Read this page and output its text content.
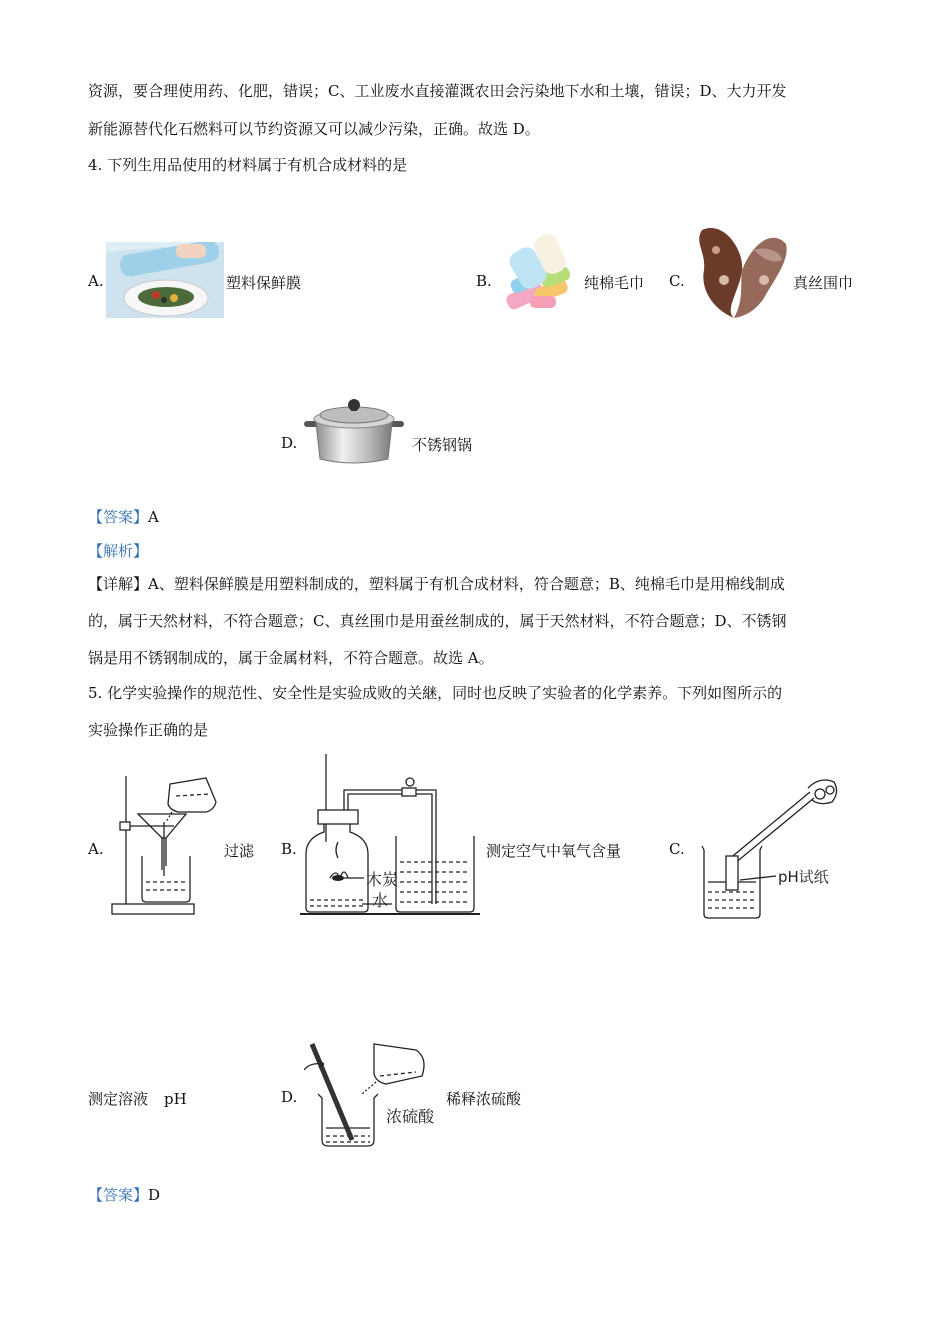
资源，要合理使用药、化肥，错误；C、工业废水直接灌溉农田会污染地下水和土壤，错误；D、大力开发
新能源替代化石燃料可以节约资源又可以减少污染，正确。故选 D。
4. 下列生用品使用的材料属于有机合成材料的是
A.	塑料保鲜膜	B.	纯棉毛巾 C.	真丝围巾
D.	不锈钢锅
【答案】A
【解析】
【详解】A、塑料保鲜膜是用塑料制成的，塑料属于有机合成材料，符合题意；B、纯棉毛巾是用棉线制成
的，属于天然材料，不符合题意；C、真丝围巾是用蚕丝制成的，属于天然材料，不符合题意；D、不锈钢
锅是用不锈钢制成的，属于金属材料，不符合题意。故选 A。
5. 化学实验操作的规范性、安全性是实验成败的关継，同时也反映了实验者的化学素养。下列如图所示的
实验操作正确的是
A.	过滤 B.
木炭
水
测定空气中氧气含量	C.
pH试纸
测定溶液 pH	D.
浓硫酸
稀释浓硫酸
【答案】D
